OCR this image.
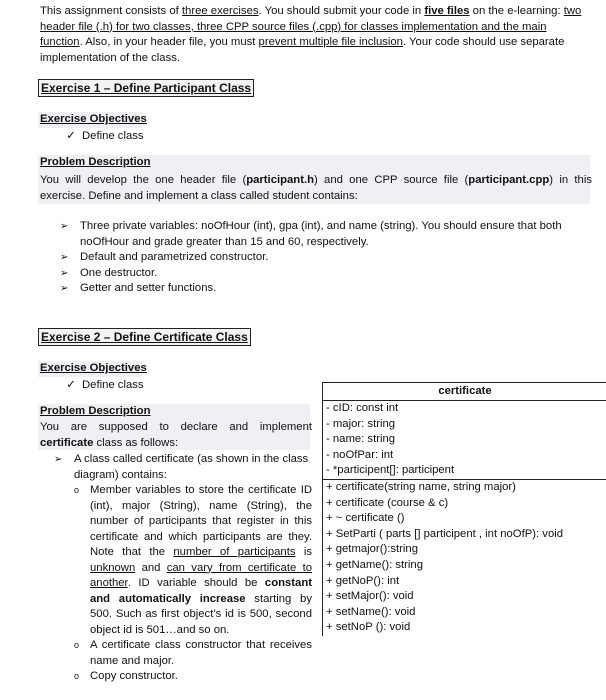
This assignment consists of three exercises. You should submit your code in five files on the e-learning: two header file (.h) for two classes, three CPP source files (.cpp) for classes implementation and the main function. Also, in your header file, you must prevent multiple file inclusion. Your code should use separate implementation of the class.
Exercise 1 – Define Participant Class
Exercise Objectives
✓ Define class
Problem Description
You will develop the one header file (participant.h) and one CPP source file (participant.cpp) in this exercise. Define and implement a class called student contains:
➢ Three private variables: noOfHour (int), gpa (int), and name (string). You should ensure that both noOfHour and grade greater than 15 and 60, respectively.
➢ Default and parametrized constructor.
➢ One destructor.
➢ Getter and setter functions.
Exercise 2 – Define Certificate Class
Exercise Objectives
✓ Define class
Problem Description
You are supposed to declare and implement certificate class as follows:
➢ A class called certificate (as shown in the class diagram) contains:
o Member variables to store the certificate ID (int), major (String), name (String), the number of participants that register in this certificate and which participants are they. Note that the number of participants is unknown and can vary from certificate to another. ID variable should be constant and automatically increase starting by 500. Such as first object’s id is 500, second object id is 501…and so on.
o A certificate class constructor that receives name and major.
o Copy constructor.
certificate
- cID: const int
- major: string
- name: string
- noOfPar: int
- *participent[]: participent
+ certificate(string name, string major)
+ certificate (course & c)
+ ~ certificate ()
+ SetParti ( parts [] participent , int noOfP): void
+ getmajor():string
+ getName(): string
+ getNoP(): int
+ setMajor(): void
+ setName(): void
+ setNoP (): void
